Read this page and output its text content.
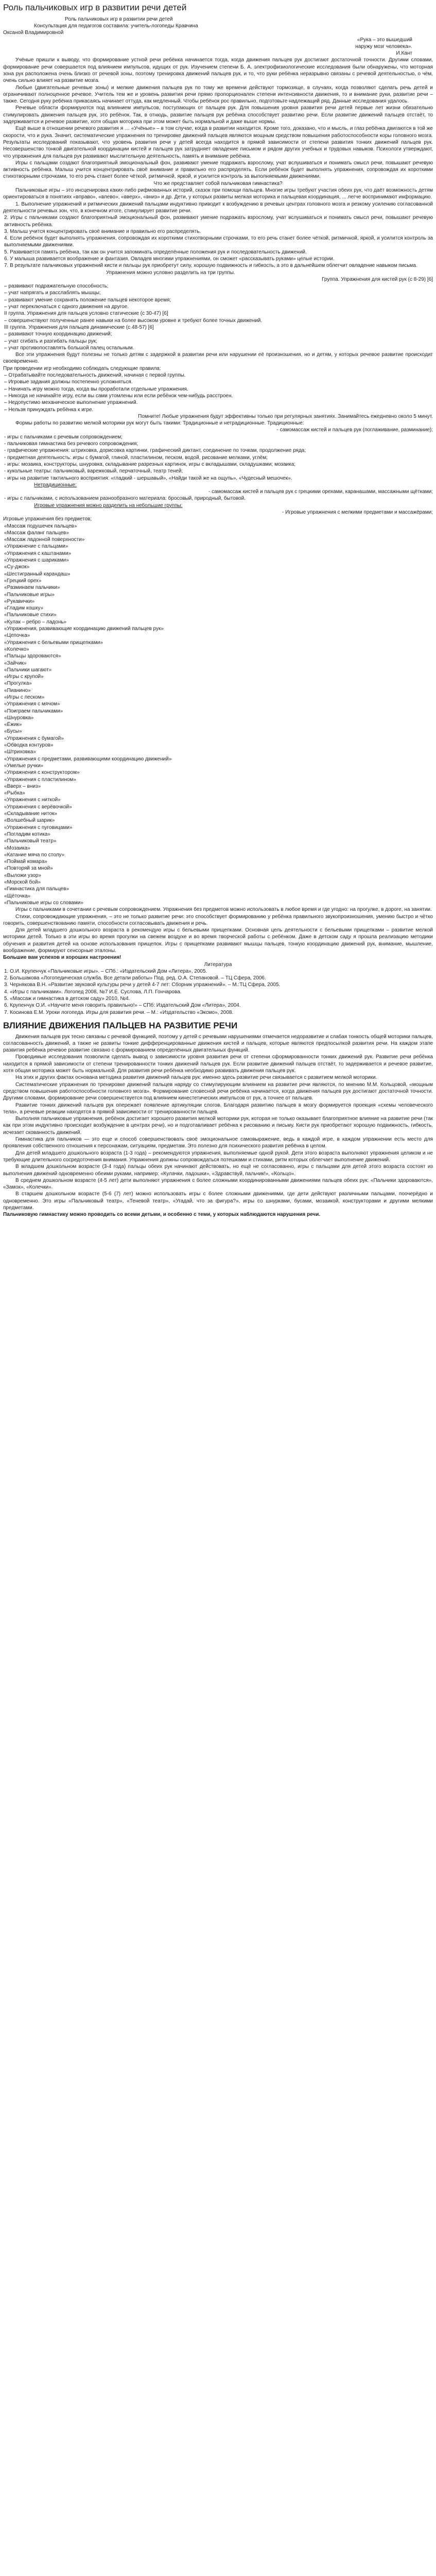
Роль пальчиковых игр в развитии речи детей

Роль пальчиковых игр в развитии речи детей

Консультация для педагогов составила: учитель-логопеды Кравчина

Оксаной Владимировной

«Рука – это вышедший

наружу мозг человека».

И.Кант

Учёные пришли к выводу, что формирование устной речи ребёнка начинается тогда, когда движения пальцев рук достигают достаточной точности. Другими словами, формирование речи совершается под влиянием импульсов, идущих от рук. Изучением степени Б. А. электрофизиологические исследования были обнаружены, что моторная зона рук расположена очень близко от речевой зоны, поэтому тренировка движений пальцев рук, и то, что руки ребёнка неразрывно связаны с речевой деятельностью, о чём, очень сильно влияет на развитие мозга.

Любые (двигательные речевые зоны) и мелкие движения пальцев рук по тому же времени действуют тормозяще, в случаях, когда позволяют сделать речь детей и ограничивают полноценное речевое. Учитель тем же и уровень развития речи прямо пропорционален степени интенсивности движения, то и внимание руки, развитие речи – также. Сегодня руку ребёнка прикасаясь начинает оттуда, как медленный. Чтобы ребёнок рос правильно, подготовьте надлежащий ряд. Данные исследования удалось.

Речевые области формируются под влиянием импульсов, поступающих от пальцев рук. Для повышения уровня развития речи детей первые лет жизни обязательно стимулировать движения пальцев рук, это ребёнок. Так, в отнюдь, развитие пальцев рук ребёнка способствует развитию речи. Если развитие движений пальцев отстаёт, то задерживается и речевое развитие, хотя общая моторика при этом может быть нормальной и даже выше нормы.

Ещё выше в отношении речевого развития я … «Учёные» – в том случае, когда в развитии находится. Кроме того, доказано, что и мысль, и глаз ребёнка двигаются в той же скорости, что и рука. Значит, систематические упражнения по тренировке движений пальцев являются мощным средством повышения работоспособности коры головного мозга. Результаты исследований показывают, что уровень развития речи у детей всегда находится в прямой зависимости от степени развития тонких движений пальцев рук. Несовершенство тонкой двигательной координации кистей и пальцев рук затрудняет овладение письмом и рядом других учебных и трудовых навыков. Психологи утверждают, что упражнения для пальцев рук развивают мыслительную деятельность, память и внимание ребёнка.

Игры с пальцами создают благоприятный эмоциональный фон, развивают умение подражать взрослому, учат вслушиваться и понимать смысл речи, повышают речевую активность ребёнка. Малыш учится концентрировать своё внимание и правильно его распределять. Если ребёнок будет выполнять упражнения, сопровождая их короткими стихотворными строчками, то его речь станет более чёткой, ритмичной, яркой, и усилится контроль за выполняемыми движениями.

Что же представляет собой пальчиковая гимнастика?

Пальчиковые игры – это инсценировка каких-либо рифмованных историй, сказок при помощи пальцев. Многие игры требуют участия обеих рук, что даёт возможность детям ориентироваться в понятиях «вправо», «влево», «вверх», «вниз» и др. Дети, у которых развиты мелкая моторика и пальцевая координация, ... легче воспринимают информацию.

1. Выполнение упражнений и ритмических движений пальцами индуктивно приводит к возбуждению в речевых центрах головного мозга и резкому усилению согласованной деятельности речевых зон, что, в конечном итоге, стимулирует развитие речи.

2. Игры с пальчиками создают благоприятный эмоциональный фон, развивают умение подражать взрослому, учат вслушиваться и понимать смысл речи, повышают речевую активность ребёнка.

3. Малыш учится концентрировать своё внимание и правильно его распределять.

4. Если ребёнок будет выполнять упражнения, сопровождая их короткими стихотворными строчками, то его речь станет более чёткой, ритмичной, яркой, и усилится контроль за выполняемыми движениями.

5. Развивается память ребёнка, так как он учится запоминать определённые положения рук и последовательность движений.

6. У малыша развивается воображение и фантазия. Овладев многими упражнениями, он сможет «рассказывать руками» целые истории.

7. В результате пальчиковых упражнений кисти и пальцы рук приобретут силу, хорошую подвижность и гибкость, а это в дальнейшем облегчит овладение навыком письма.

Упражнения можно условно разделить на три группы.

Группа. Упражнения для кистей рук (с 8-29) [6]

– развивают подражательную способность;

– учат напрягать и расслаблять мышцы;

– развивают умение сохранять положение пальцев некоторое время;

– учат переключаться с одного движения на другое.

II группа. Упражнения для пальцев условно статические (с 30-47) [6]

– совершенствуют полученные ранее навыки на более высоком уровне и требуют более точных движений.

III группа. Упражнения для пальцев динамические (с 48-57) [6]

– развивают точную координацию движений;

– учат сгибать и разгибать пальцы рук;

– учат противопоставлять большой палец остальным.

Все эти упражнения будут полезны не только детям с задержкой в развитии речи или нарушении её произношения, но и детям, у которых речевое развитие происходит своевременно.

При проведении игр необходимо соблюдать следующие правила:

– Отрабатывайте последовательность движений, начиная с первой группы.

– Игровые задания должны постепенно усложняться.

– Начинать игру можно тогда, когда вы проработали отдельные упражнения.

– Никогда не начинайте игру, если вы сами утомлены или если ребёнок чем-нибудь расстроен.

– Недопустимо механическое выполнение упражнений.

– Нельзя принуждать ребёнка к игре.

Помните! Любые упражнения будут эффективны только при регулярных занятиях. Занимайтесь ежедневно около 5 минут.

Формы работы по развитию мелкой моторики рук могут быть такими: Традиционные и нетрадиционные. Традиционные:

- самомассаж кистей и пальцев рук (поглаживание, разминание);

- игры с пальчиками с речевым сопровождением;

- пальчиковая гимнастика без речевого сопровождения;

- графические упражнения: штриховка, дорисовка картинки, графический диктант, соединение по точкам, продолжение ряда;

- предметная деятельность: игры с бумагой, глиной, пластилином, песком, водой, рисование мелками, углём;

- игры: мозаика, конструкторы, шнуровка, складывание разрезных картинок, игры с вкладышами, складушками; мозаика;

- кукольные театры: пальчиковый, варежковый, перчаточный, театр теней;

- игры на развитие тактильного восприятия: «гладкий - шершавый», «Найди такой же на ощупь», «Чудесный мешочек».

Нетрадиционные:

- самомассаж кистей и пальцев рук с грецкими орехами, каранашами, массажными щётками;

- игры с пальчиками, с использованием разнообразного материала: бросовый, природный, бытовой.

Игровые упражнения можно разделить на небольшие группы:

- Игровые упражнения с мелкими предметами и массажёрами;

Игровые упражнения без предметов;

«Массаж подушечек пальцев»

«Массаж фаланг пальцев»

«Массаж ладонной поверхности»

«Упражнение с пальцами»

«Упражнения с каштанами»

«Упражнения с шариками»

«Су-джок»

«Шестигранный карандаш»

«Грецкий орех»

«Разминаем пальчики»

«Пальчиковые игры»

«Рукавички»

«Гладим кошку»

«Пальчиковые стихи»

«Кулак – ребро – ладонь»

«Упражнения, развивающие координацию движений пальцев рук»

«Цепочка»

«Упражнения с бельевыми прищепками»

«Колечко»

«Пальцы здороваются»

«Зайчик»

«Пальчики шагают»

«Игры с крупой»

«Прогулка»

«Пианино»

«Игры с песком»

«Упражнения с мячом»

«Поиграем пальчиками»

«Шнуровка»

«Ёжик»

«Бусы»

«Упражнения с бумагой»

«Обводка контуров»

«Штриховка»

«Упражнения с предметами, развивающими координацию движений»

«Умелые ручки»

«Упражнения с конструктором»

«Упражнения с пластилином»

«Вверх – вниз»

«Рыбка»

«Упражнения с ниткой»

«Упражнения с верёвочкой»

«Складывание ниток»

«Волшебный шарик»

«Упражнения с пуговицами»

«Погладим котика»

«Пальчиковый театр»

«Мозаика»

«Катание мяча по столу»

«Поймай комара»

«Повторяй за мной»

«Выложи узор»

«Морской бой»

«Гимнастика для пальцев»

«Щёточка»

«Пальчиковые игры со словами»

Игры с пальчиками в сочетании с речевым сопровождением. Упражнения без предметов можно использовать в любое время и где угодно: на прогулке, в дороге, на занятии.

Стихи, сопровождающие упражнения, – это не только развитие речи: это способствует формированию у ребёнка правильного звукопроизношения, умению быстро и чётко говорить, совершенствованию памяти, способности согласовывать движения и речь.

Для детей младшего дошкольного возраста в рекомендую игры с бельевыми прищепками. Основная цель деятельности с бельевыми прищепками – развитие мелкой моторики детей. Только в эти игры во время прогулки на свежем воздухе и во время творческой работы с ребёнком. Даже в детском саду я прошла реализацию методики обучения и развития детей на основе использования прищепок. Игры с прищепками развивают мышцы пальцев, тонкую координацию движений рук, внимание, мышление, воображение, формируют сенсорные эталоны.

Большие вам успехов и хороших настроения!

Литература

1. О.И. Крупенчук «Пальчиковые игры». – СПб.: «Издательский Дом «Литера», 2005.

2. Большакова «Логопедическая служба. Все детали работы» Под. ред. О.А. Степановой. – ТЦ Сфера, 2006.

3. Чернякова В.Н. «Развитие звуковой культуры речи у детей 4-7 лет: Сборник упражнений». – М.:ТЦ Сфера, 2005.

4. «Игры с пальчиками». Логопед 2008, №7 И.Е. Суслова, Л.П. Гончарова.

5. «Массаж и гимнастика в детском саду» 2010, №4.

6. Крупенчук О.И. «Научите меня говорить правильно!» – СПб: Издательский Дом «Литера», 2004.

7. Косинова Е.М. Уроки логопеда. Игры для развития речи. – М.: «Издательство «Эксмо», 2008.

ВЛИЯНИЕ ДВИЖЕНИЯ ПАЛЬЦЕВ НА РАЗВИТИЕ РЕЧИ

Движения пальцев рук тесно связаны с речевой функцией, поэтому у детей с речевыми нарушениями отмечается недоразвитие и слабая тонкость общей моторики пальцев, согласованность движений, а также не развиты тонкие дифференцированные движения кистей и пальцев, которые являются предпосылкой развития речи. На каждом этапе развития ребёнка речевое развитие связано с формированием определённых двигательных функций.

Проводимые исследования позволили сделать вывод о зависимости уровня развития речи от степени сформированности тонких движений рук. Развитие речи ребёнка находится в прямой зависимости от степени тренированности тонких движений пальцев рук. Если развитие движений пальцев отстаёт, то задерживается и речевое развитие, хотя общая моторика может быть нормальной. Для развития речи ребёнка необходимо развивать движения пальцев рук.

На этих и других фактах основана методика развития движений пальцев рук: именно здесь развитие речи связывается с развитием мелкой моторики.

Систематические упражнения по тренировке движений пальцев наряду со стимулирующим влиянием на развитие речи являются, по мнению М.М. Кольцовой, «мощным средством повышения работоспособности головного мозга». Формирование словесной речи ребёнка начинается, когда движения пальцев рук достигают достаточной точности. Другими словами, формирование речи совершенствуется под влиянием кинестетических импульсов от рук, а точнее от пальцев.

Развитие тонких движений пальцев рук опережает появление артикуляции слогов. Благодаря развитию пальцев в мозгу формируется проекция «схемы человеческого тела», а речевые реакции находятся в прямой зависимости от тренированности пальцев.

Выполняя пальчиковые упражнения, ребёнок достигает хорошего развития мелкой моторики рук, которая не только оказывает благоприятное влияние на развитие речи (так как при этом индуктивно происходит возбуждение в центрах речи), но и подготавливает ребёнка к рисованию и письму. Кисти рук приобретают хорошую подвижность, гибкость, исчезает скованность движений.

Гимнастика для пальчиков — это еще и способ совершенствовать своё эмоциональное самовыражение, ведь в каждой игре, в каждом упражнении есть место для проявления собственного отношения к персонажам, ситуациям, предметам. Это полезно для психического развития ребёнка в целом.

Для детей младшего дошкольного возраста (1-3 года) – рекомендуются упражнения, выполняемые одной рукой. Дети этого возраста выполняют упражнения целиком и не требующие длительного сосредоточения внимания. Упражнения должны сопровождаться потешками и стихами, ритм которых облегчает выполнение движений.

В младшем дошкольном возрасте (3-4 года) пальцы обеих рук начинают действовать, но ещё не согласованно, игры с пальцами для детей этого возраста состоят из выполнения движений одновременно обеими руками, например: «Кулачки, ладошки», «Здравствуй, пальчик!», «Кольцо».

В среднем дошкольном возрасте (4-5 лет) дети выполняют упражнения с более сложными координированными движениями пальцев обеих рук: «Пальчики здороваются», «Замок», «Колечки».

В старшем дошкольном возрасте (5-6 (7) лет) можно использовать игры с более сложными движениями, где дети действуют различными пальцами, поочерёдно и одновременно. Это игры «Пальчиковый театр», «Теневой театр», «Угадай, что за фигура?», игры со шнурками, бусами, мозаикой, конструкторами и другими мелкими предметами.

Пальчиковую гимнастику можно проводить со всеми детьми, и особенно с теми, у которых наблюдаются нарушения речи.
